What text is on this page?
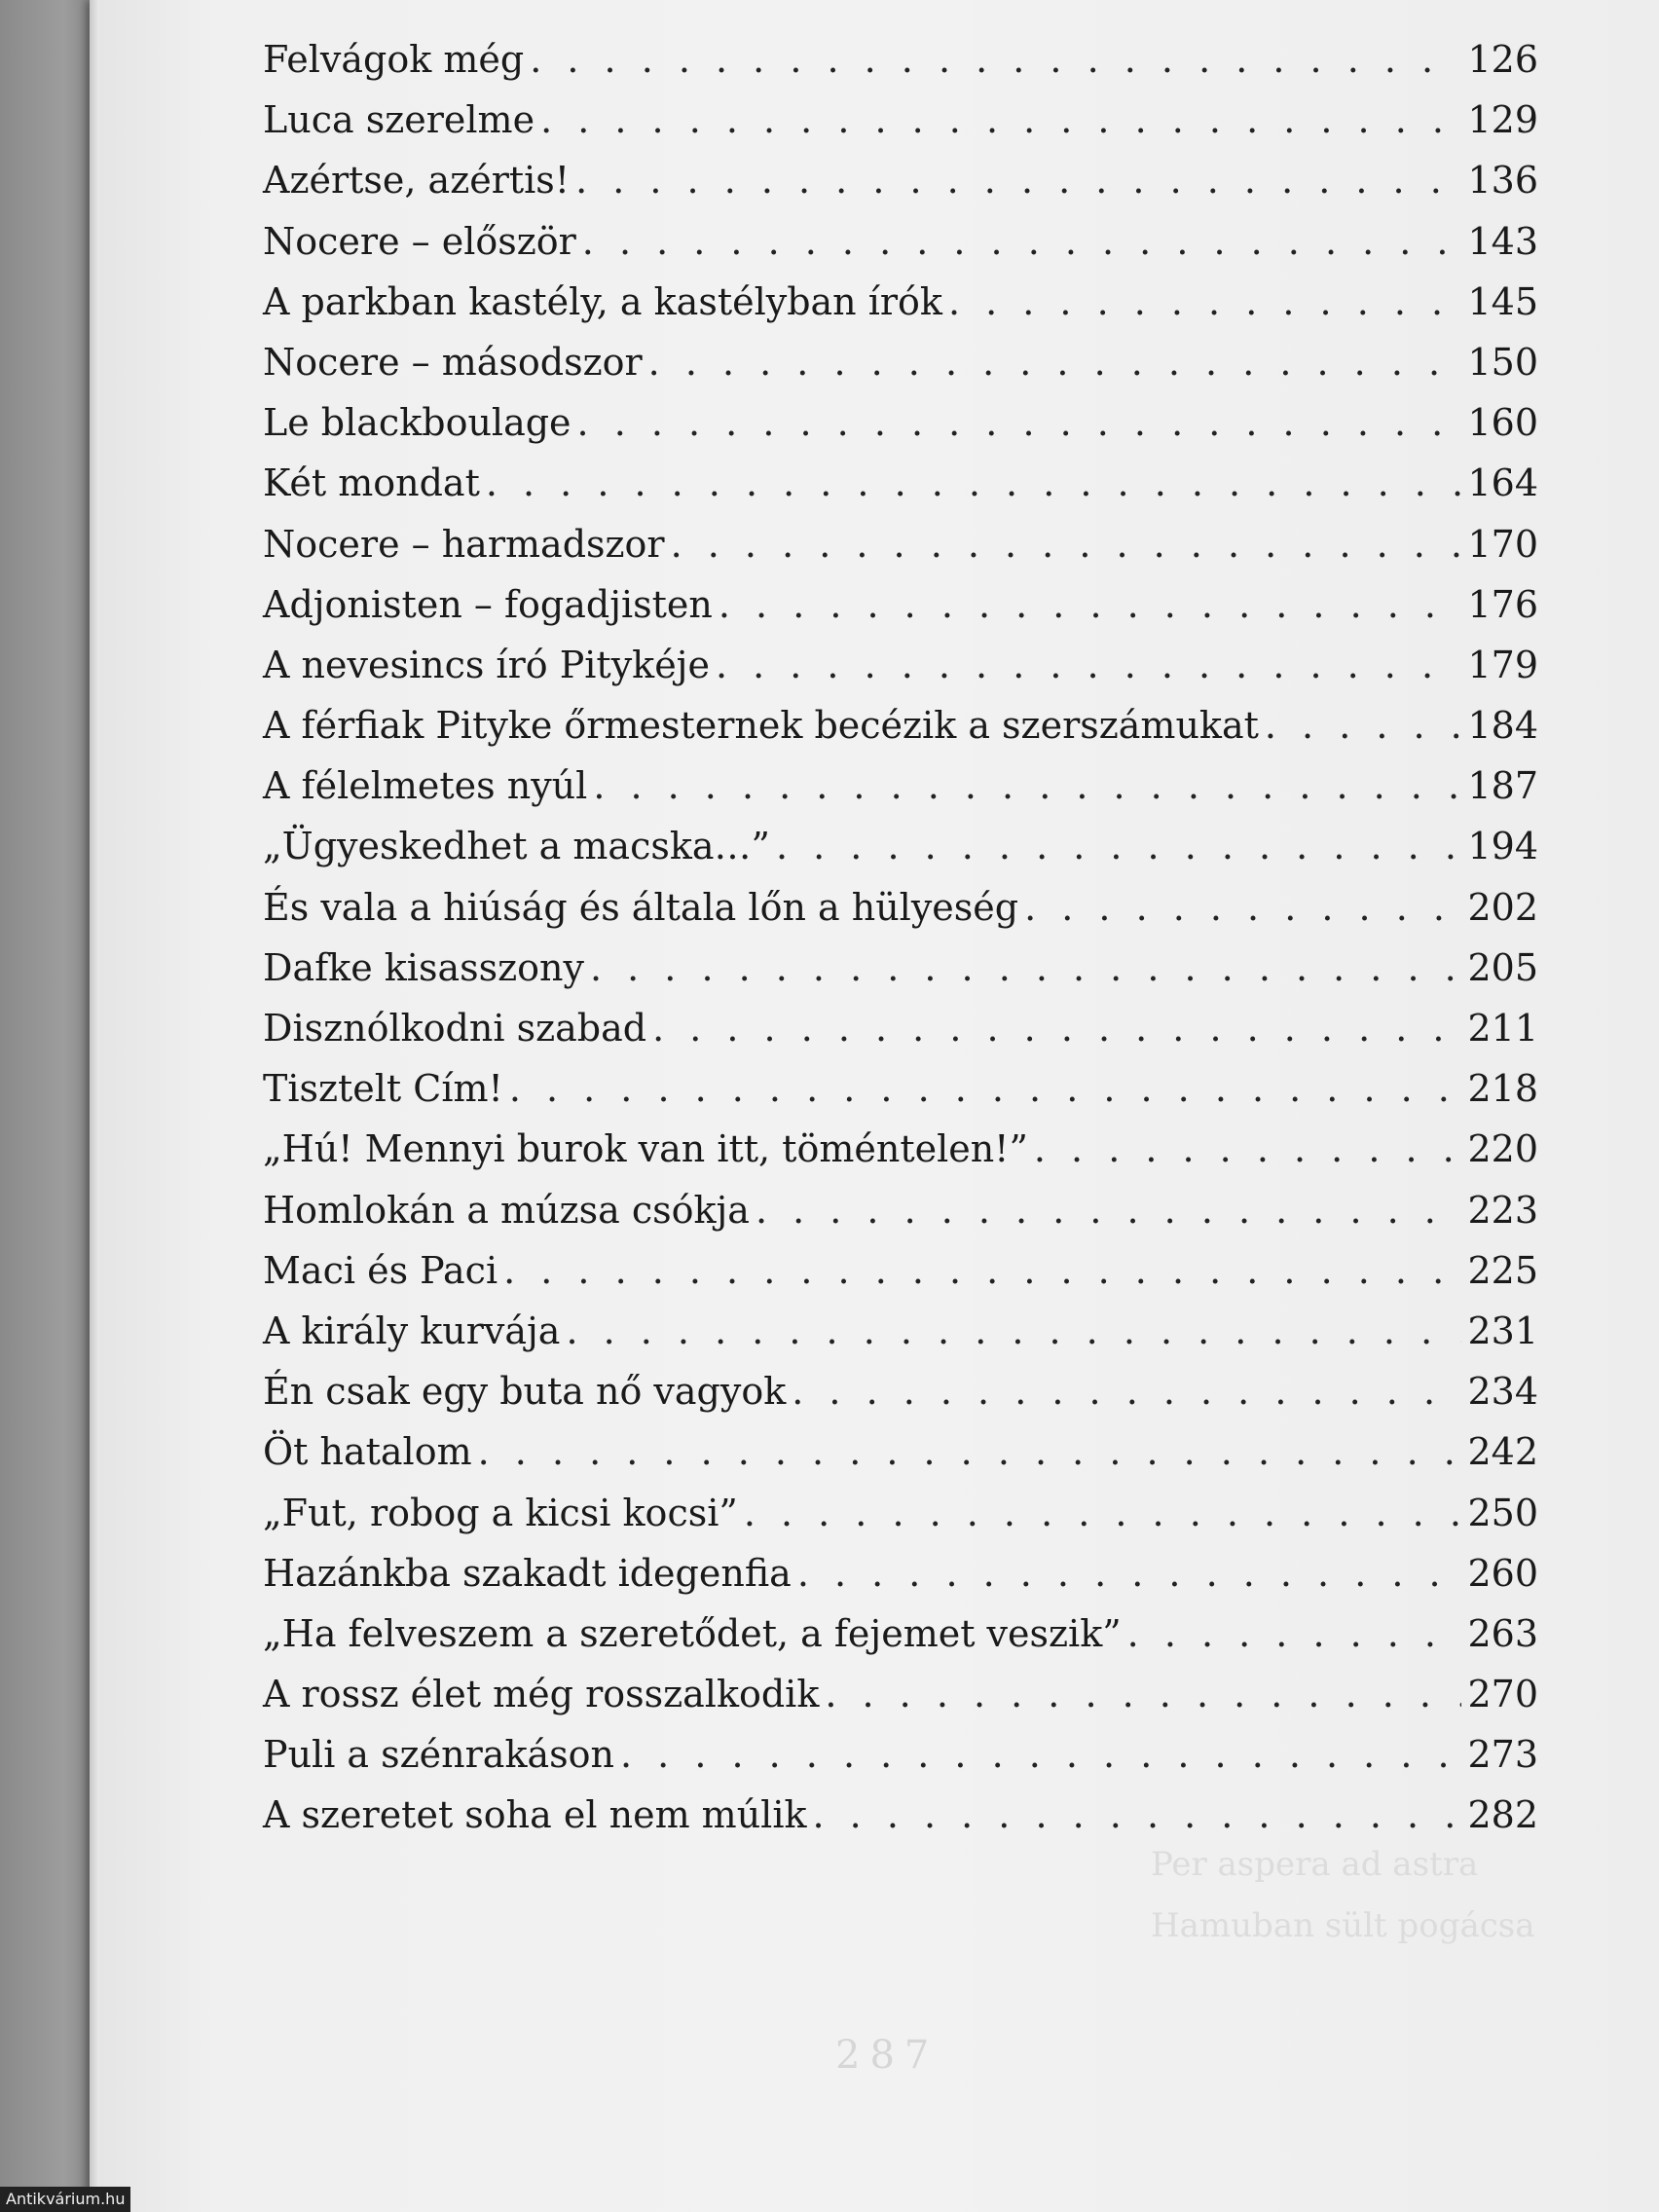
287
Per aspera ad astra
Hamuban sült pogácsa
Felvágok még . . .	126
Luca szerelme . . .	129
Azértse, azértis! . . .	136
Nocere – először . . .	143
A parkban kastély, a kastélyban írók . . .	145
Nocere – másodszor . . .	150
Le blackboulage . . .	160
Két mondat . . .	164
Nocere – harmadszor . . .	170
Adjonisten – fogadjisten . . .	176
A nevesincs író Pitykéje . . .	179
A férfiak Pityke őrmesternek becézik a szerszámukat . . .	184
A félelmetes nyúl . . .	187
„Ügyeskedhet a macska…” . . .	194
És vala a hiúság és általa lőn a hülyeség . . .	202
Dafke kisasszony . . .	205
Disznólkodni szabad . . .	211
Tisztelt Cím! . . .	218
„Hú! Mennyi burok van itt, töméntelen!” . . .	220
Homlokán a múzsa csókja . . .	223
Maci és Paci . . .	225
A király kurvája . . .	231
Én csak egy buta nő vagyok . . .	234
Öt hatalom . . .	242
„Fut, robog a kicsi kocsi” . . .	250
Hazánkba szakadt idegenfia . . .	260
„Ha felveszem a szeretődet, a fejemet veszik” . . .	263
A rossz élet még rosszalkodik . . .	270
Puli a szénrakáson . . .	273
A szeretet soha el nem múlik . . .	282
Antikvárium.hu
